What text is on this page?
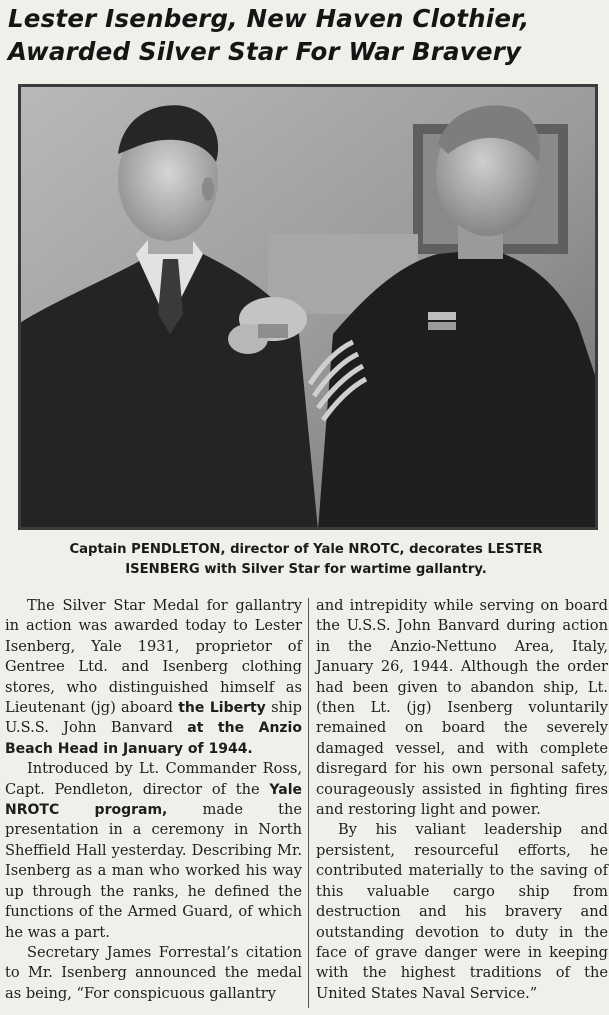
Lester Isenberg, New Haven Clothier,
Awarded Silver Star For War Bravery

Captain PENDLETON, director of Yale NROTC, decorates LESTER
ISENBERG with Silver Star for wartime gallantry.

The Silver Star Medal for gallantry in action was awarded today to Lester Isenberg, Yale 1931, proprietor of Gentree Ltd. and Isenberg clothing stores, who distinguished himself as Lieutenant (jg) aboard the Liberty ship U.S.S. John Banvard at the Anzio Beach Head in January of 1944.

Introduced by Lt. Commander Ross, Capt. Pendleton, director of the Yale NROTC program, made the presentation in a ceremony in North Sheffield Hall yesterday. Describing Mr. Isenberg as a man who worked his way up through the ranks, he defined the functions of the Armed Guard, of which he was a part.

Secretary James Forrestal’s citation to Mr. Isenberg announced the medal as being, “For conspicuous gallantry

and intrepidity while serving on board the U.S.S. John Banvard during action in the Anzio-Nettuno Area, Italy, January 26, 1944. Although the order had been given to abandon ship, Lt. (then Lt. (jg) Isenberg voluntarily remained on board the severely damaged vessel, and with complete disregard for his own personal safety, courageously assisted in fighting fires and restoring light and power.

By his valiant leadership and persistent, resourceful efforts, he contributed materially to the saving of this valuable cargo ship from destruction and his bravery and outstanding devotion to duty in the face of grave danger were in keeping with the highest traditions of the United States Naval Service.”
